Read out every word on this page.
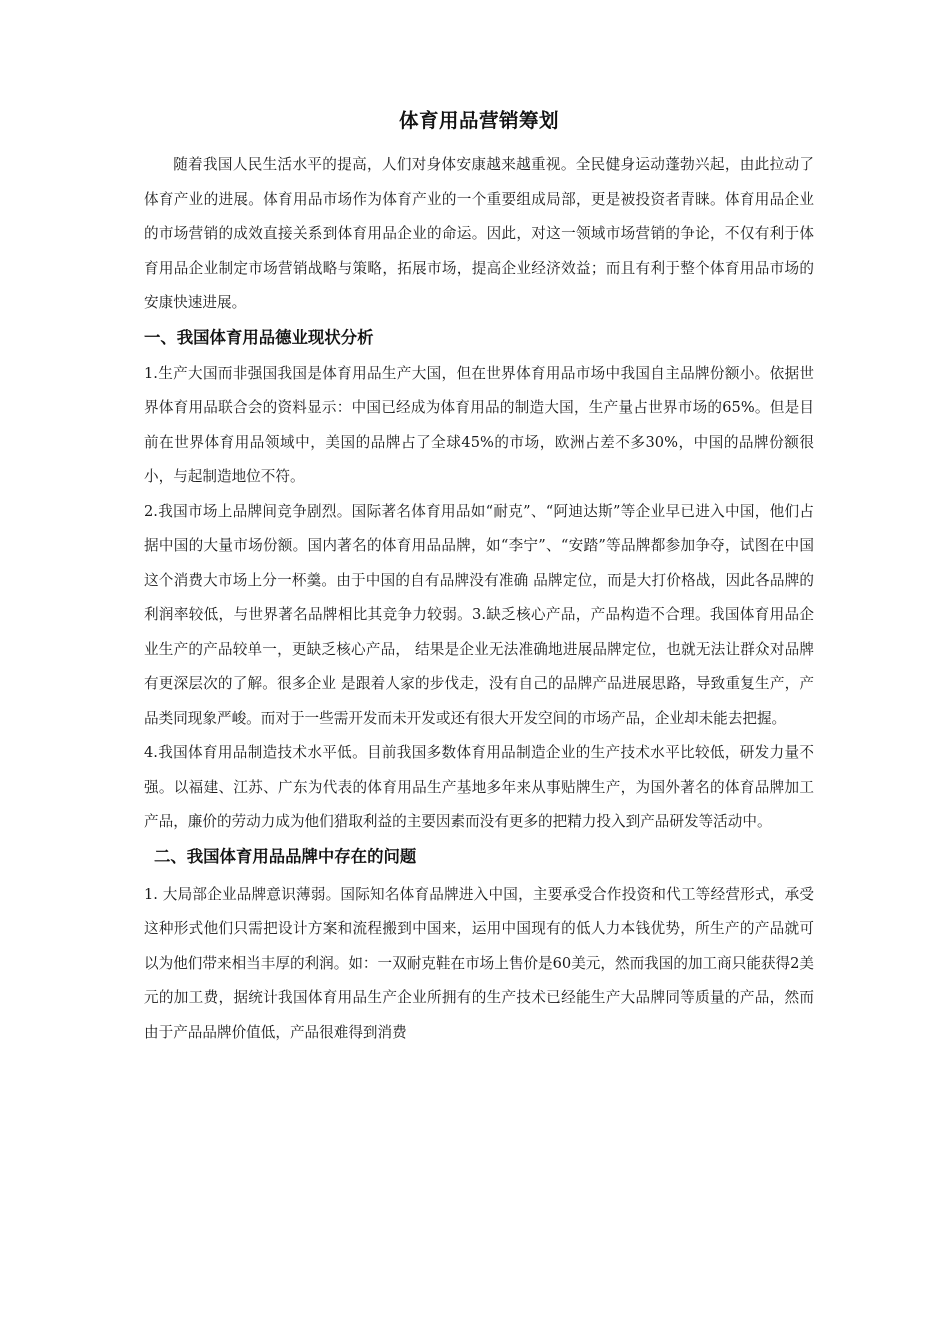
体育用品营销筹划

随着我国人民生活水平的提高，人们对身体安康越来越重视。全民健身运动蓬勃兴起，由此拉动了体育产业的进展。体育用品市场作为体育产业的一个重要组成局部，更是被投资者青睐。体育用品企业的市场营销的成效直接关系到体育用品企业的命运。因此，对这一领域市场营销的争论，不仅有利于体育用品企业制定市场营销战略与策略，拓展市场，提高企业经济效益；而且有利于整个体育用品市场的安康快速进展。

一、我国体育用品德业现状分析

1.生产大国而非强国我国是体育用品生产大国，但在世界体育用品市场中我国自主品牌份额小。依据世界体育用品联合会的资料显示：中国已经成为体育用品的制造大国，生产量占世界市场的65%。但是目前在世界体育用品领域中，美国的品牌占了全球45%的市场，欧洲占差不多30%，中国的品牌份额很小，与起制造地位不符。

2.我国市场上品牌间竞争剧烈。国际著名体育用品如“耐克”、“阿迪达斯”等企业早已进入中国，他们占据中国的大量市场份额。国内著名的体育用品品牌，如“李宁”、“安踏”等品牌都参加争夺，试图在中国这个消费大市场上分一杯羹。由于中国的自有品牌没有准确 品牌定位，而是大打价格战，因此各品牌的利润率较低，与世界著名品牌相比其竞争力较弱。3.缺乏核心产品，产品构造不合理。我国体育用品企业生产的产品较单一，更缺乏核心产品， 结果是企业无法准确地进展品牌定位，也就无法让群众对品牌有更深层次的了解。很多企业 是跟着人家的步伐走，没有自己的品牌产品进展思路，导致重复生产，产品类同现象严峻。而对于一些需开发而未开发或还有很大开发空间的市场产品，企业却未能去把握。

4.我国体育用品制造技术水平低。目前我国多数体育用品制造企业的生产技术水平比较低，研发力量不强。以福建、江苏、广东为代表的体育用品生产基地多年来从事贴牌生产，为国外著名的体育品牌加工产品，廉价的劳动力成为他们猎取利益的主要因素而没有更多的把精力投入到产品研发等活动中。

二、我国体育用品品牌中存在的问题

1. 大局部企业品牌意识薄弱。国际知名体育品牌进入中国，主要承受合作投资和代工等经营形式，承受这种形式他们只需把设计方案和流程搬到中国来，运用中国现有的低人力本钱优势，所生产的产品就可以为他们带来相当丰厚的利润。如：一双耐克鞋在市场上售价是60美元，然而我国的加工商只能获得2美元的加工费，据统计我国体育用品生产企业所拥有的生产技术已经能生产大品牌同等质量的产品，然而由于产品品牌价值低，产品很难得到消费
